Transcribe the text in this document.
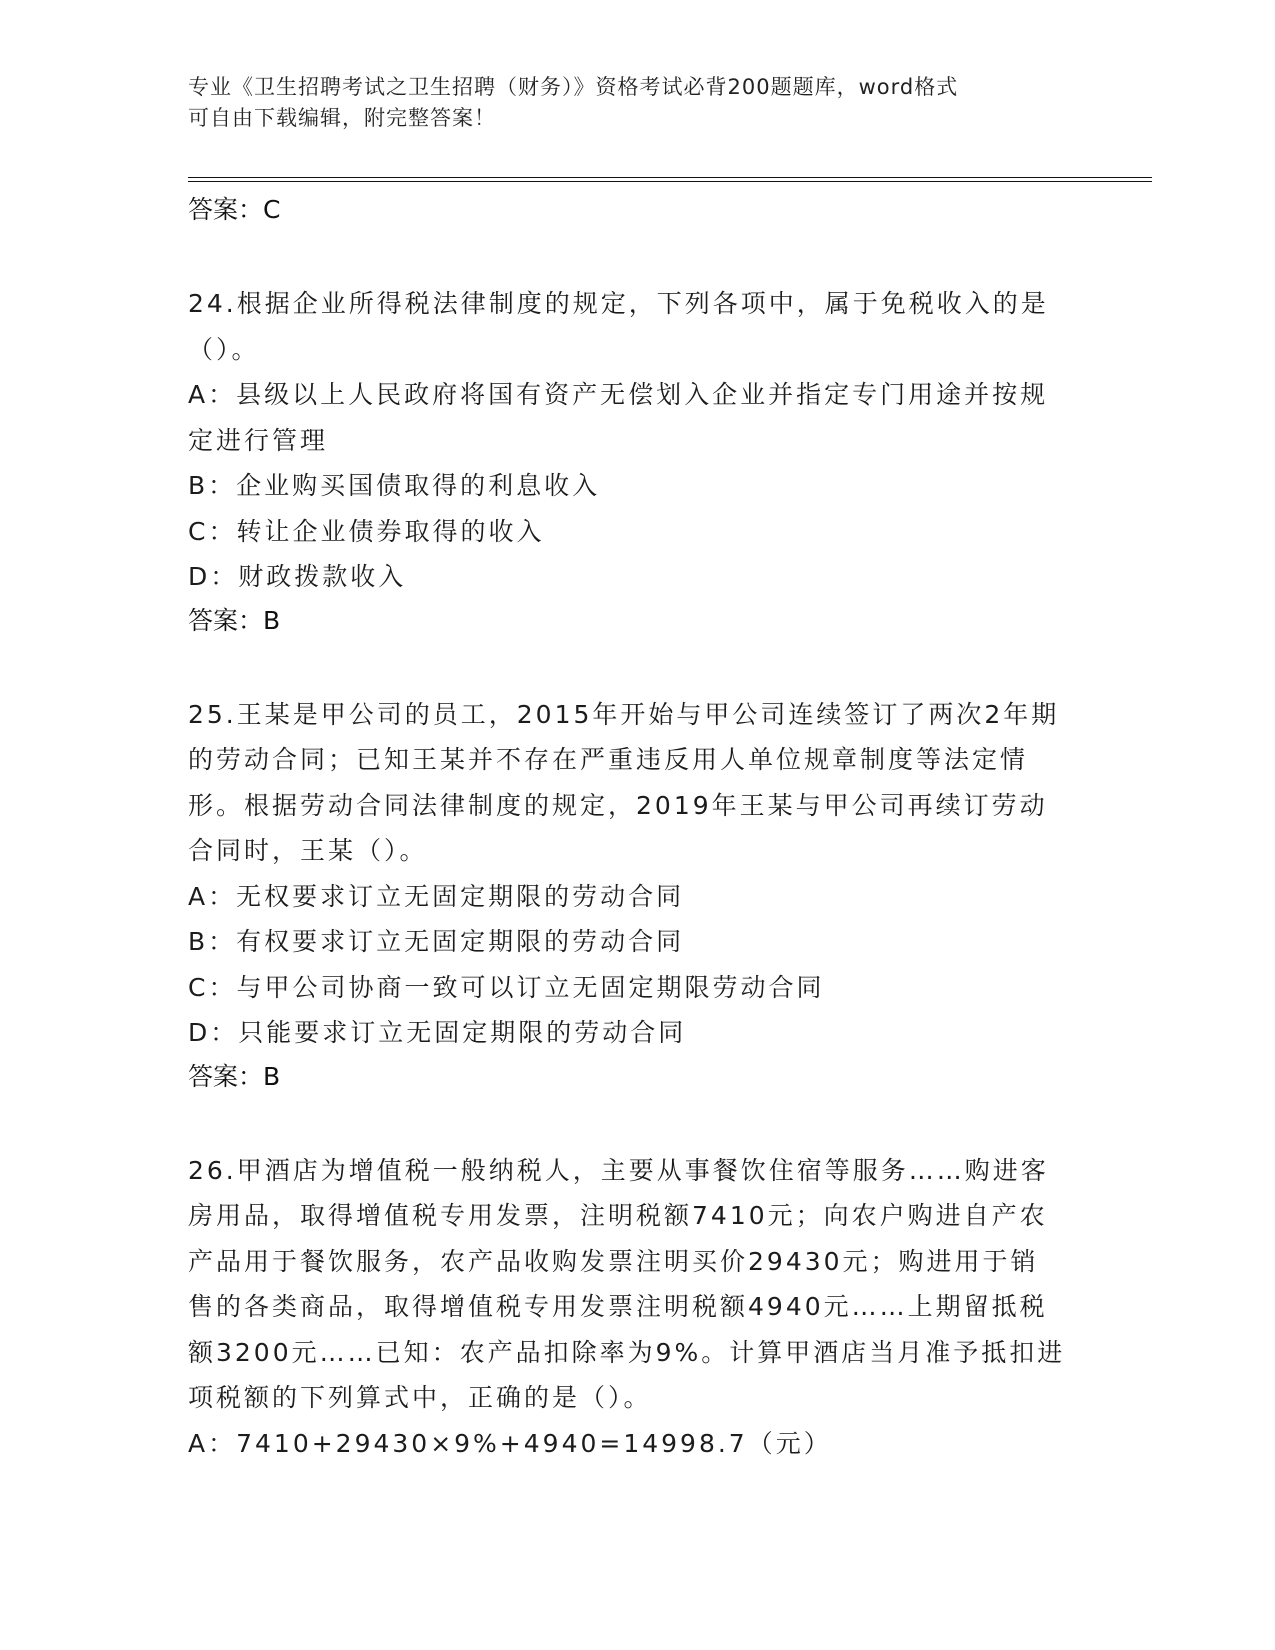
专业《卫生招聘考试之卫生招聘（财务）》资格考试必背200题题库，word格式
可自由下载编辑，附完整答案！

答案：C

24.根据企业所得税法律制度的规定，下列各项中，属于免税收入的是

（）。

A：县级以上人民政府将国有资产无偿划入企业并指定专门用途并按规

定进行管理

B：企业购买国债取得的利息收入

C：转让企业债券取得的收入

D：财政拨款收入

答案：B

25.王某是甲公司的员工，2015年开始与甲公司连续签订了两次2年期

的劳动合同；已知王某并不存在严重违反用人单位规章制度等法定情

形。根据劳动合同法律制度的规定，2019年王某与甲公司再续订劳动

合同时，王某（）。

A：无权要求订立无固定期限的劳动合同

B：有权要求订立无固定期限的劳动合同

C：与甲公司协商一致可以订立无固定期限劳动合同

D：只能要求订立无固定期限的劳动合同

答案：B

26.甲酒店为增值税一般纳税人，主要从事餐饮住宿等服务……购进客

房用品，取得增值税专用发票，注明税额7410元；向农户购进自产农

产品用于餐饮服务，农产品收购发票注明买价29430元；购进用于销

售的各类商品，取得增值税专用发票注明税额4940元……上期留抵税

额3200元……已知：农产品扣除率为9%。计算甲酒店当月准予抵扣进

项税额的下列算式中，正确的是（）。

A：7410+29430×9%+4940=14998.7（元）
